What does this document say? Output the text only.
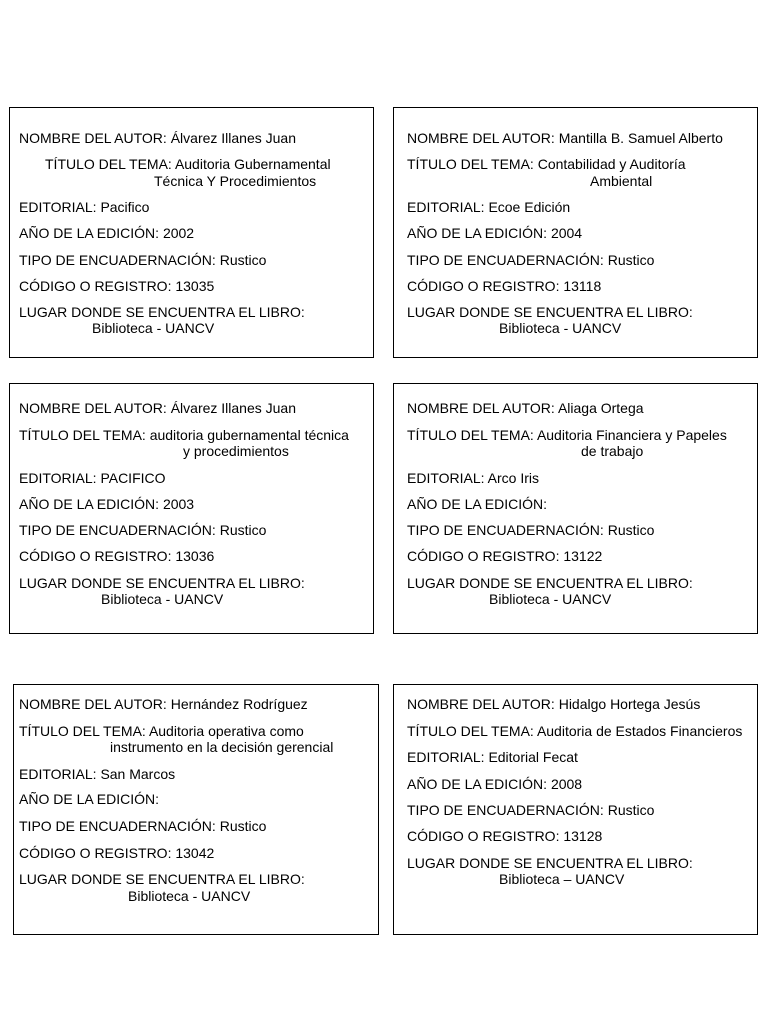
NOMBRE DEL AUTOR: Álvarez Illanes Juan
TÍTULO DEL TEMA: Auditoria Gubernamental
Técnica Y Procedimientos
EDITORIAL: Pacifico
AÑO DE LA EDICIÓN: 2002
TIPO DE ENCUADERNACIÓN: Rustico
CÓDIGO O REGISTRO: 13035
LUGAR DONDE SE ENCUENTRA EL LIBRO:
Biblioteca - UANCV
NOMBRE DEL AUTOR: Mantilla B. Samuel Alberto
TÍTULO DEL TEMA: Contabilidad y Auditoría
Ambiental
EDITORIAL: Ecoe Edición
AÑO DE LA EDICIÓN: 2004
TIPO DE ENCUADERNACIÓN: Rustico
CÓDIGO O REGISTRO: 13118
LUGAR DONDE SE ENCUENTRA EL LIBRO:
Biblioteca - UANCV
NOMBRE DEL AUTOR: Álvarez Illanes Juan
TÍTULO DEL TEMA: auditoria gubernamental técnica
y procedimientos
EDITORIAL: PACIFICO
AÑO DE LA EDICIÓN: 2003
TIPO DE ENCUADERNACIÓN: Rustico
CÓDIGO O REGISTRO: 13036
LUGAR DONDE SE ENCUENTRA EL LIBRO:
Biblioteca - UANCV
NOMBRE DEL AUTOR: Aliaga Ortega
TÍTULO DEL TEMA: Auditoria Financiera y Papeles
de trabajo
EDITORIAL: Arco Iris
AÑO DE LA EDICIÓN:
TIPO DE ENCUADERNACIÓN: Rustico
CÓDIGO O REGISTRO: 13122
LUGAR DONDE SE ENCUENTRA EL LIBRO:
Biblioteca - UANCV
NOMBRE DEL AUTOR: Hernández Rodríguez
TÍTULO DEL TEMA: Auditoria operativa como
instrumento en la decisión gerencial
EDITORIAL: San Marcos
AÑO DE LA EDICIÓN:
TIPO DE ENCUADERNACIÓN: Rustico
CÓDIGO O REGISTRO: 13042
LUGAR DONDE SE ENCUENTRA EL LIBRO:
Biblioteca - UANCV
NOMBRE DEL AUTOR: Hidalgo Hortega Jesús
TÍTULO DEL TEMA: Auditoria de Estados Financieros
EDITORIAL: Editorial Fecat
AÑO DE LA EDICIÓN: 2008
TIPO DE ENCUADERNACIÓN: Rustico
CÓDIGO O REGISTRO: 13128
LUGAR DONDE SE ENCUENTRA EL LIBRO:
Biblioteca – UANCV
